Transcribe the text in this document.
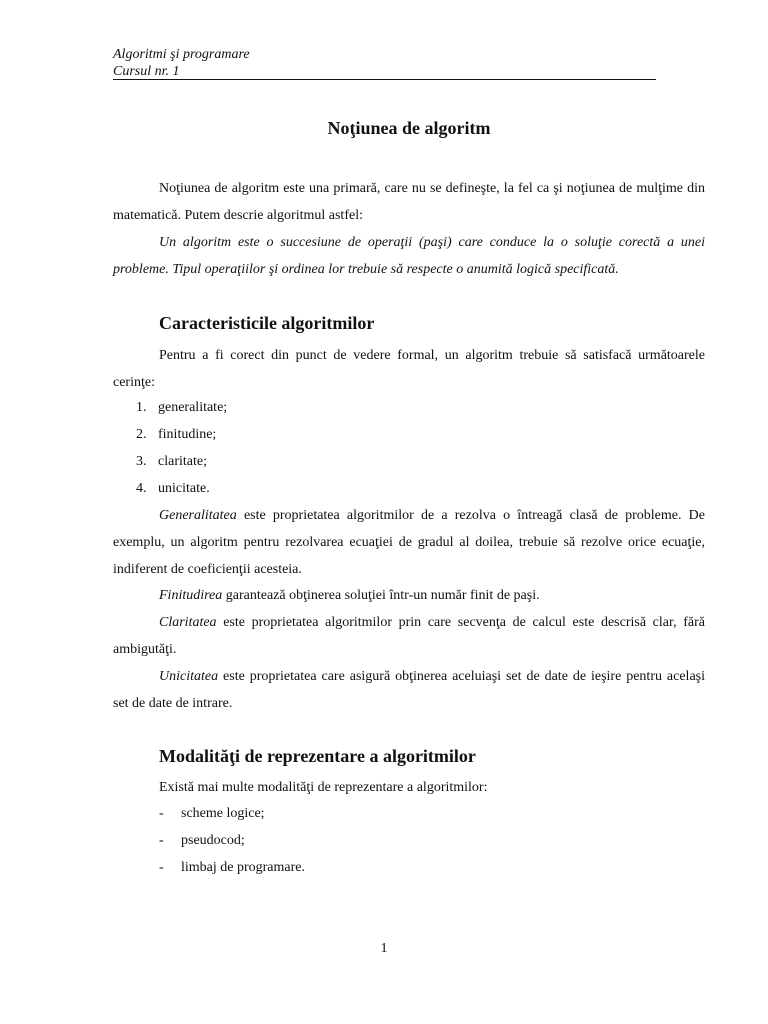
Algoritmi şi programare
Cursul nr. 1
Noţiunea de algoritm
Noţiunea de algoritm este una primară, care nu se defineşte, la fel ca şi noţiunea de mulţime din matematică. Putem descrie algoritmul astfel:
Un algoritm este o succesiune de operaţii (paşi) care conduce la o soluţie corectă a unei probleme. Tipul operaţiilor şi ordinea lor trebuie să respecte o anumită logică specificată.
Caracteristicile algoritmilor
Pentru a fi corect din punct de vedere formal, un algoritm trebuie să satisfacă următoarele cerinţe:
1. generalitate;
2. finitudine;
3. claritate;
4. unicitate.
Generalitatea este proprietatea algoritmilor de a rezolva o întreagă clasă de probleme. De exemplu, un algoritm pentru rezolvarea ecuaţiei de gradul al doilea, trebuie să rezolve orice ecuaţie, indiferent de coeficienţii acesteia.
Finitudirea garantează obţinerea soluţiei într-un număr finit de paşi.
Claritatea este proprietatea algoritmilor prin care secvenţa de calcul este descrisă clar, fără ambigutăţi.
Unicitatea este proprietatea care asigură obţinerea aceluiaşi set de date de ieşire pentru acelaşi set de date de intrare.
Modalităţi de reprezentare a algoritmilor
Există mai multe modalităţi de reprezentare a algoritmilor:
- scheme logice;
- pseudocod;
- limbaj de programare.
1
